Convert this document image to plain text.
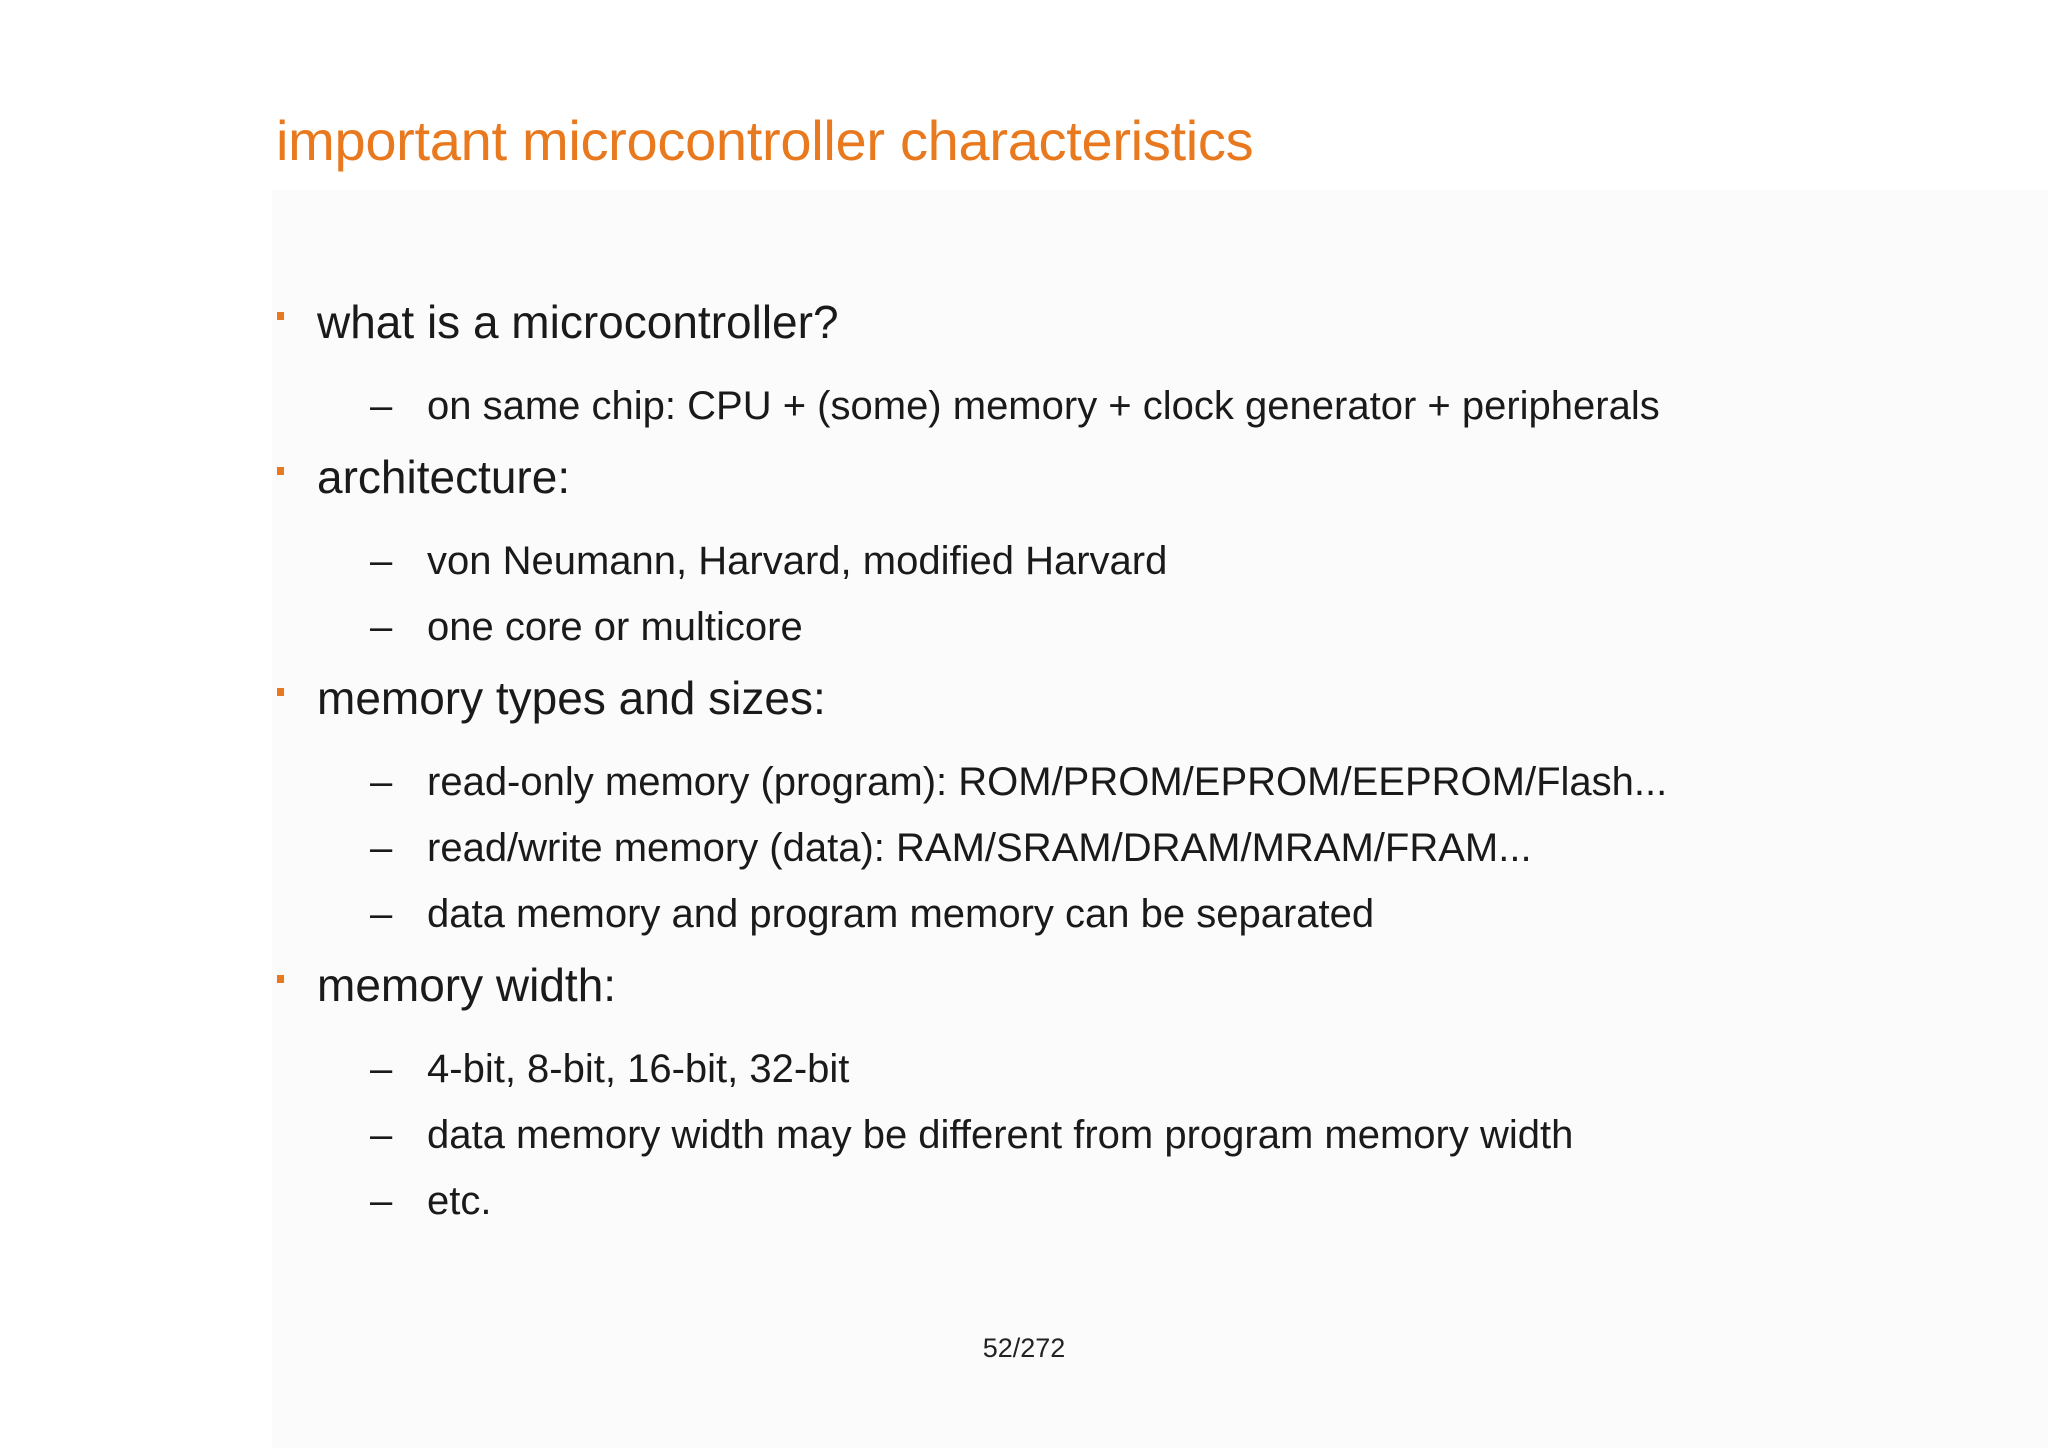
important microcontroller characteristics
what is a microcontroller?
– on same chip: CPU + (some) memory + clock generator + peripherals
architecture:
– von Neumann, Harvard, modified Harvard
– one core or multicore
memory types and sizes:
– read-only memory (program): ROM/PROM/EPROM/EEPROM/Flash...
– read/write memory (data): RAM/SRAM/DRAM/MRAM/FRAM...
– data memory and program memory can be separated
memory width:
– 4-bit, 8-bit, 16-bit, 32-bit
– data memory width may be different from program memory width
– etc.
52/272
